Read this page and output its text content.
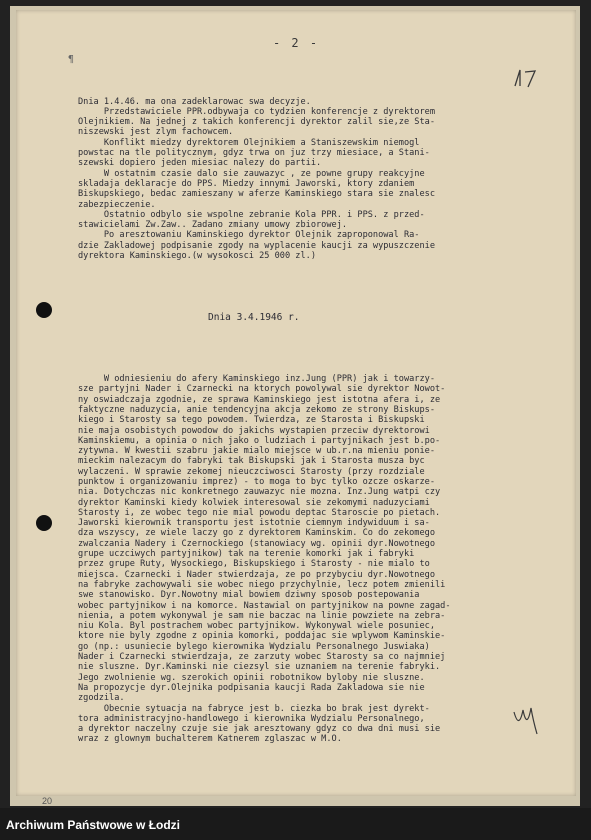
- 2 -
¶

Dnia 1.4.46. ma ona zadeklarowac swa decyzje.
Przedstawiciele PPR.odbywaja co tydzien konferencje z dyrektorem
Olejnikiem. Na jednej z takich konferencji dyrektor zalil sie,ze Sta-
niszewski jest zlym fachowcem.
Konflikt miedzy dyrektorem Olejnikiem a Staniszewskim niemogl
powstac na tle politycznym, gdyz trwa on juz trzy miesiace, a Stani-
szewski dopiero jeden miesiac nalezy do partii.
W ostatnim czasie dalo sie zauwazyc , ze powne grupy reakcyjne
skladaja deklaracje do PPS. Miedzy innymi Jaworski, ktory zdaniem
Biskupskiego, bedac zamieszany w aferze Kaminskiego stara sie znalesc
zabezpieczenie.
Ostatnio odbylo sie wspolne zebranie Kola PPR. i PPS. z przed-
stawicielami Zw.Zaw.. Zadano zmiany umowy zbiorowej.
Po aresztowaniu Kaminskiego dyrektor Olejnik zaproponowal Ra-
dzie Zakladowej podpisanie zgody na wyplacenie kaucji za wypuszczenie
dyrektora Kaminskiego.(w wysokosci 25 000 zl.)

Dnia 3.4.1946 r.

W odniesieniu do afery Kaminskiego inz.Jung (PPR) jak i towarzy-
sze partyjni Nader i Czarnecki na ktorych powolywal sie dyrektor Nowot-
ny oswiadczaja zgodnie, ze sprawa Kaminskiego jest istotna afera i, ze
faktyczne naduzycia, anie tendencyjna akcja zekomo ze strony Biskups-
kiego i Starosty sa tego powodem. Twierdza, ze Starosta i Biskupski
nie maja osobistych powodow do jakichs wystapien przeciw dyrektorowi
Kaminskiemu, a opinia o nich jako o ludziach i partyjnikach jest b.po-
zytywna. W kwestii szabru jakie mialo miejsce w ub.r.na mieniu ponie-
mieckim nalezacym do fabryki tak Biskupski jak i Starosta musza byc
wylaczeni. W sprawie zekomej nieuczciwosci Starosty (przy rozdziale
punktow i organizowaniu imprez) - to moga to byc tylko ozcze oskarze-
nia. Dotychczas nic konkretnego zauwazyc nie mozna. Inz.Jung watpi czy
dyrektor Kaminski kiedy kolwiek interesowal sie zekomymi naduzyciami
Starosty i, ze wobec tego nie mial powodu deptac Staroscie po pietach.
Jaworski kierownik transportu jest istotnie ciemnym indywiduum i sa-
dza wszyscy, ze wiele laczy go z dyrektorem Kaminskim. Co do zekomego
zwalczania Nadery i Czernockiego (stanowiacy wg. opinii dyr.Nowotnego
grupe uczciwych partyjnikow) tak na terenie komorki jak i fabryki
przez grupe Ruty, Wysockiego, Biskupskiego i Starosty - nie mialo to
miejsca. Czarnecki i Nader stwierdzaja, ze po przybyciu dyr.Nowotnego
na fabryke zachowywali sie wobec niego przychylnie, lecz potem zmienili
swe stanowisko. Dyr.Nowotny mial bowiem dziwny sposob postepowania
wobec partyjnikow i na komorce. Nastawial on partyjnikow na powne zagad-
nienia, a potem wykonywal je sam nie baczac na linie powziete na zebra-
niu Kola. Byl postrachem wobec partyjnikow. Wykonywal wiele posuniec,
ktore nie byly zgodne z opinia komorki, poddajac sie wplywom Kaminskie-
go (np.: usuniecie bylego kierownika Wydzialu Personalnego Juswiaka)
Nader i Czarnecki stwierdzaja, ze zarzuty wobec Starosty sa co najmniej
nie sluszne. Dyr.Kaminski nie ciezsyl sie uznaniem na terenie fabryki.
Jego zwolnienie wg. szerokich opinii robotnikow byloby nie sluszne.
Na propozycje dyr.Olejnika podpisania kaucji Rada Zakladowa sie nie
zgodzila.
Obecnie sytuacja na fabryce jest b. ciezka bo brak jest dyrekt-
tora administracyjno-handlowego i kierownika Wydzialu Personalnego,
a dyrektor naczelny czuje sie jak aresztowany gdyz co dwa dni musi sie
wraz z glownym buchalterem Katnerem zglaszac w M.O.

20
Archiwum Państwowe w Łodzi
